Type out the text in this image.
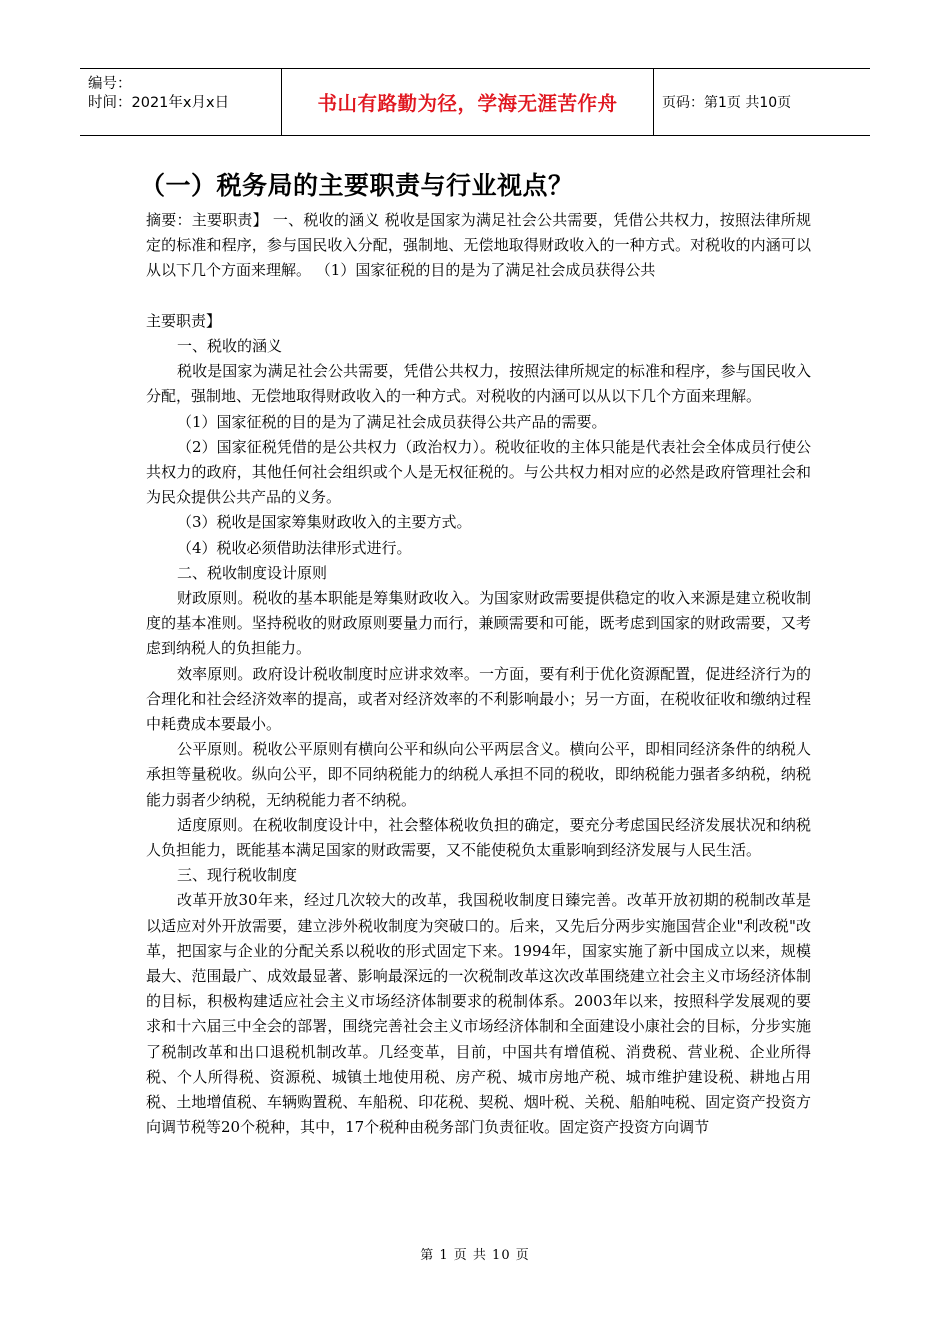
编号：
时间：2021年x月x日	书山有路勤为径，学海无涯苦作舟	页码：第1页 共10页
（一）税务局的主要职责与行业视点？

摘要：主要职责】 一、税收的涵义 税收是国家为满足社会公共需要，凭借公共权力，按照法律所规定的标准和程序，参与国民收入分配，强制地、无偿地取得财政收入的一种方式。对税收的内涵可以从以下几个方面来理解。 （1）国家征税的目的是为了满足社会成员获得公共

主要职责】

一、税收的涵义

税收是国家为满足社会公共需要，凭借公共权力，按照法律所规定的标准和程序，参与国民收入分配，强制地、无偿地取得财政收入的一种方式。对税收的内涵可以从以下几个方面来理解。

（1）国家征税的目的是为了满足社会成员获得公共产品的需要。

（2）国家征税凭借的是公共权力（政治权力）。税收征收的主体只能是代表社会全体成员行使公共权力的政府，其他任何社会组织或个人是无权征税的。与公共权力相对应的必然是政府管理社会和为民众提供公共产品的义务。

（3）税收是国家筹集财政收入的主要方式。

（4）税收必须借助法律形式进行。

二、税收制度设计原则

财政原则。税收的基本职能是筹集财政收入。为国家财政需要提供稳定的收入来源是建立税收制度的基本准则。坚持税收的财政原则要量力而行，兼顾需要和可能，既考虑到国家的财政需要，又考虑到纳税人的负担能力。

效率原则。政府设计税收制度时应讲求效率。一方面，要有利于优化资源配置，促进经济行为的合理化和社会经济效率的提高，或者对经济效率的不利影响最小；另一方面，在税收征收和缴纳过程中耗费成本要最小。

公平原则。税收公平原则有横向公平和纵向公平两层含义。横向公平，即相同经济条件的纳税人承担等量税收。纵向公平，即不同纳税能力的纳税人承担不同的税收，即纳税能力强者多纳税，纳税能力弱者少纳税，无纳税能力者不纳税。

适度原则。在税收制度设计中，社会整体税收负担的确定，要充分考虑国民经济发展状况和纳税人负担能力，既能基本满足国家的财政需要，又不能使税负太重影响到经济发展与人民生活。

三、现行税收制度

改革开放30年来，经过几次较大的改革，我国税收制度日臻完善。改革开放初期的税制改革是以适应对外开放需要，建立涉外税收制度为突破口的。后来，又先后分两步实施国营企业"利改税"改革，把国家与企业的分配关系以税收的形式固定下来。1994年，国家实施了新中国成立以来，规模最大、范围最广、成效最显著、影响最深远的一次税制改革这次改革围绕建立社会主义市场经济体制的目标，积极构建适应社会主义市场经济体制要求的税制体系。2003年以来，按照科学发展观的要求和十六届三中全会的部署，围绕完善社会主义市场经济体制和全面建设小康社会的目标，分步实施了税制改革和出口退税机制改革。几经变革，目前，中国共有增值税、消费税、营业税、企业所得税、个人所得税、资源税、城镇土地使用税、房产税、城市房地产税、城市维护建设税、耕地占用税、土地增值税、车辆购置税、车船税、印花税、契税、烟叶税、关税、船舶吨税、固定资产投资方向调节税等20个税种，其中，17个税种由税务部门负责征收。固定资产投资方向调节

第 1 页 共 10 页
